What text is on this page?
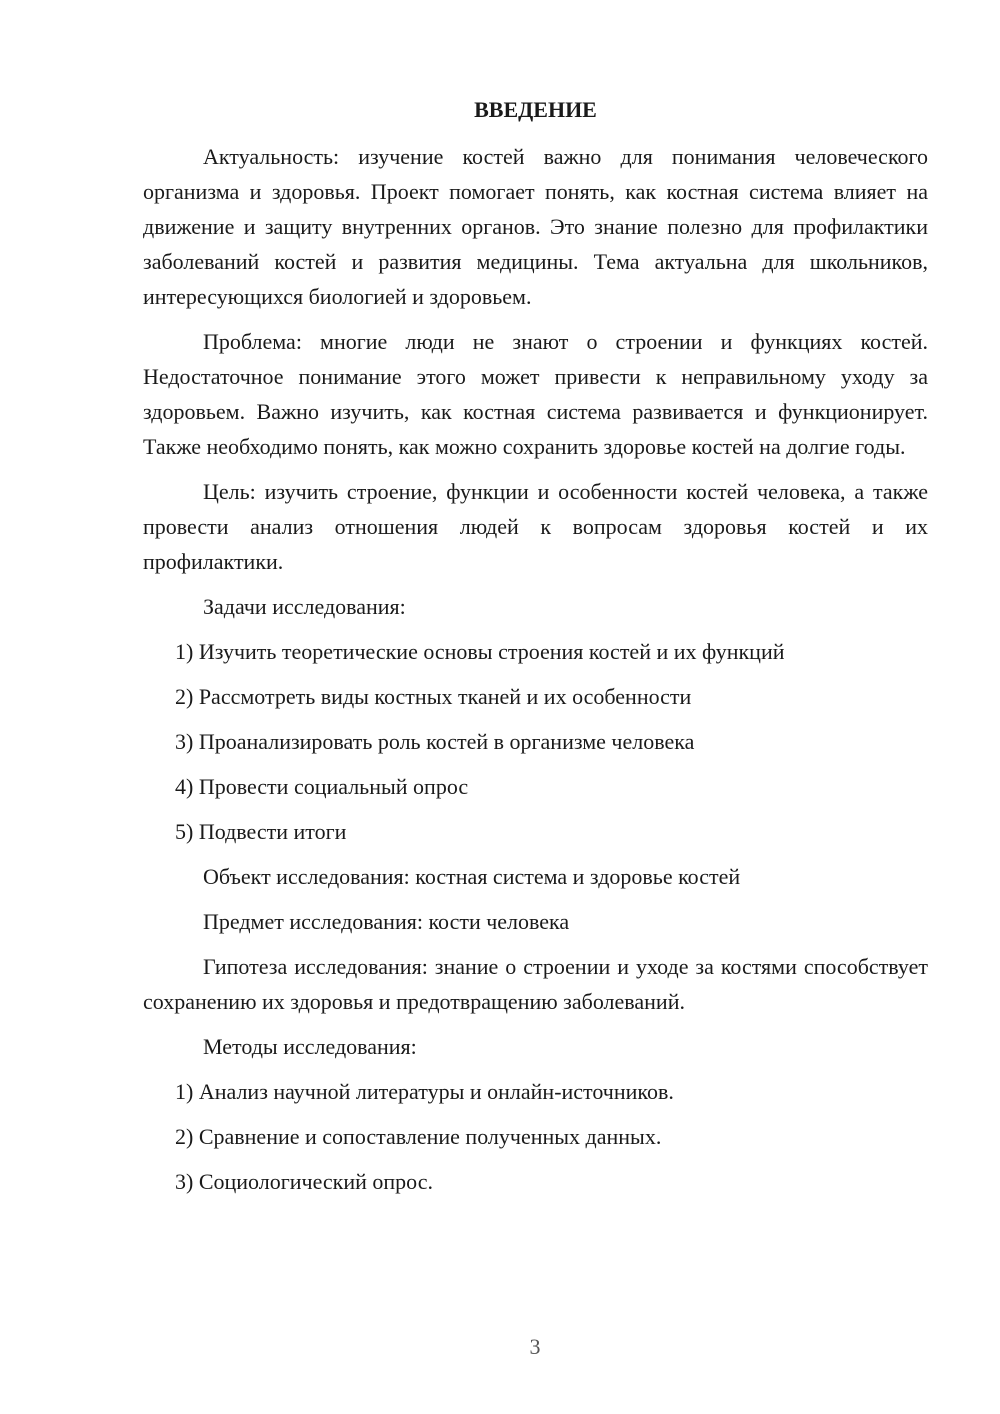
ВВЕДЕНИЕ

Актуальность: изучение костей важно для понимания человеческого организма и здоровья. Проект помогает понять, как костная система влияет на движение и защиту внутренних органов. Это знание полезно для профилактики заболеваний костей и развития медицины. Тема актуальна для школьников, интересующихся биологией и здоровьем.

Проблема: многие люди не знают о строении и функциях костей. Недостаточное понимание этого может привести к неправильному уходу за здоровьем. Важно изучить, как костная система развивается и функционирует. Также необходимо понять, как можно сохранить здоровье костей на долгие годы.

Цель: изучить строение, функции и особенности костей человека, а также провести анализ отношения людей к вопросам здоровья костей и их профилактики.

Задачи исследования:
1) Изучить теоретические основы строения костей и их функций
2) Рассмотреть виды костных тканей и их особенности
3) Проанализировать роль костей в организме человека
4) Провести социальный опрос
5) Подвести итоги
Объект исследования: костная система и здоровье костей
Предмет исследования: кости человека

Гипотеза исследования: знание о строении и уходе за костями способствует сохранению их здоровья и предотвращению заболеваний.

Методы исследования:
1) Анализ научной литературы и онлайн-источников.
2) Сравнение и сопоставление полученных данных.
3) Социологический опрос.
3
